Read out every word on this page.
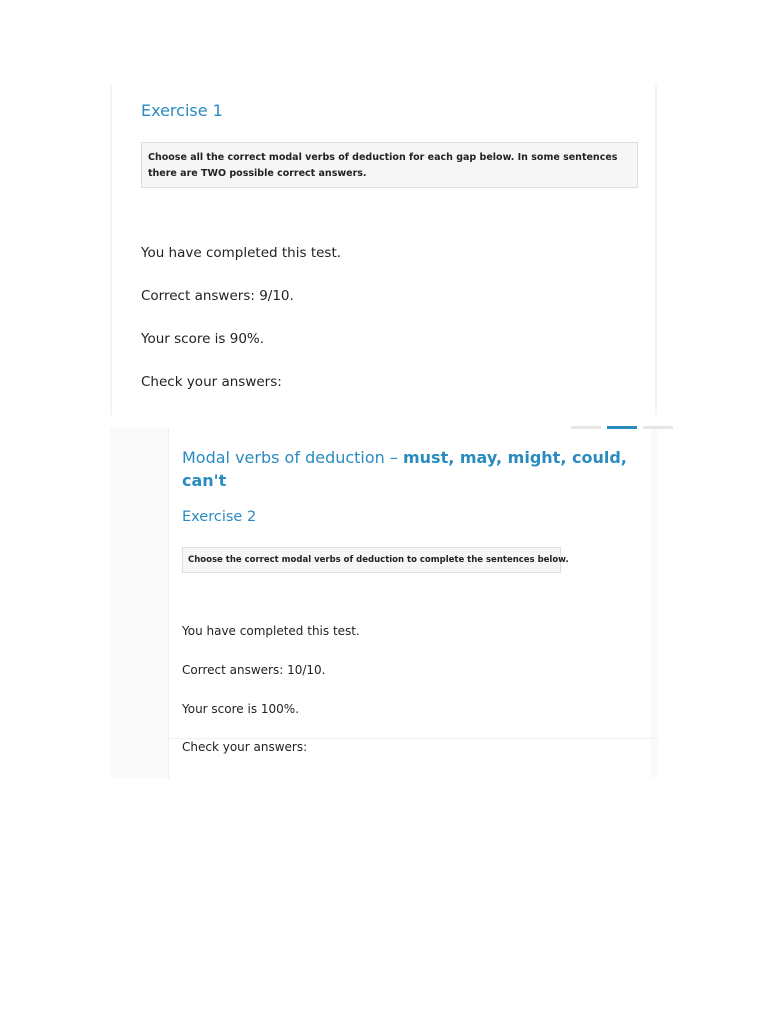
Exercise 1
Choose all the correct modal verbs of deduction for each gap below. In some sentences there are TWO possible correct answers.
You have completed this test.
Correct answers: 9/10.
Your score is 90%.
Check your answers:
Modal verbs of deduction – must, may, might, could, can't
Exercise 2
Choose the correct modal verbs of deduction to complete the sentences below.
You have completed this test.
Correct answers: 10/10.
Your score is 100%.
Check your answers:
